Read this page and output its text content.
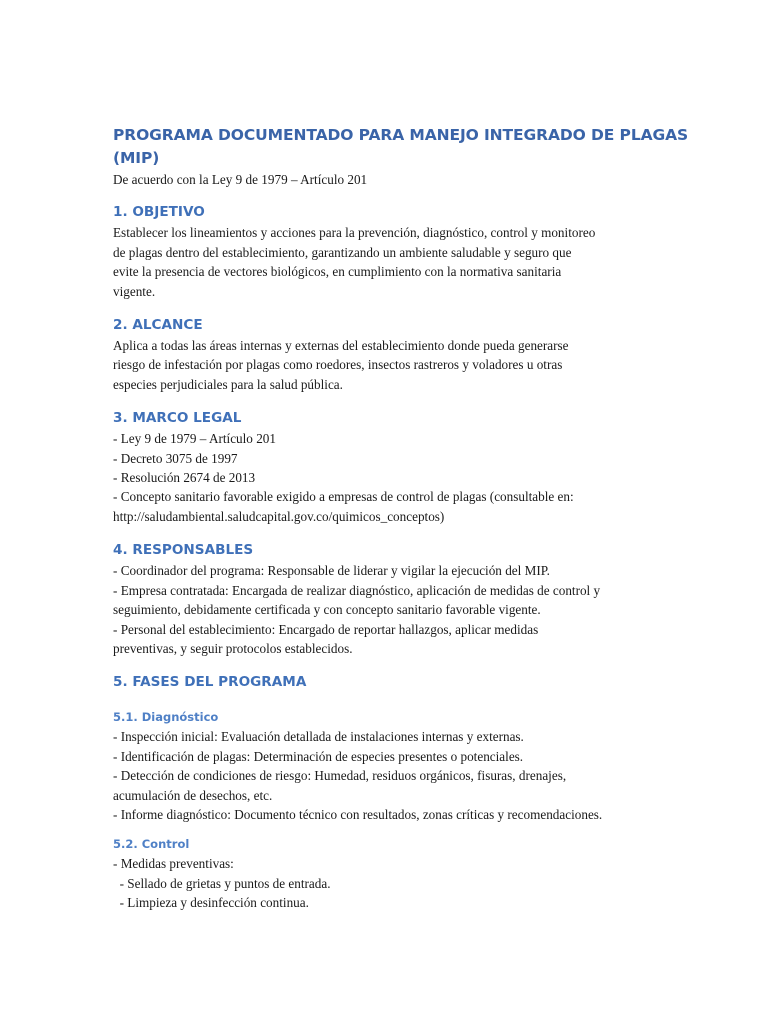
PROGRAMA DOCUMENTADO PARA MANEJO INTEGRADO DE PLAGAS
(MIP)

De acuerdo con la Ley 9 de 1979 – Artículo 201

1. OBJETIVO

Establecer los lineamientos y acciones para la prevención, diagnóstico, control y monitoreo
de plagas dentro del establecimiento, garantizando un ambiente saludable y seguro que
evite la presencia de vectores biológicos, en cumplimiento con la normativa sanitaria
vigente.

2. ALCANCE

Aplica a todas las áreas internas y externas del establecimiento donde pueda generarse
riesgo de infestación por plagas como roedores, insectos rastreros y voladores u otras
especies perjudiciales para la salud pública.

3. MARCO LEGAL

- Ley 9 de 1979 – Artículo 201
- Decreto 3075 de 1997
- Resolución 2674 de 2013
- Concepto sanitario favorable exigido a empresas de control de plagas (consultable en:
http://saludambiental.saludcapital.gov.co/quimicos_conceptos)

4. RESPONSABLES

- Coordinador del programa: Responsable de liderar y vigilar la ejecución del MIP.
- Empresa contratada: Encargada de realizar diagnóstico, aplicación de medidas de control y
seguimiento, debidamente certificada y con concepto sanitario favorable vigente.
- Personal del establecimiento: Encargado de reportar hallazgos, aplicar medidas
preventivas, y seguir protocolos establecidos.

5. FASES DEL PROGRAMA
5.1. Diagnóstico

- Inspección inicial: Evaluación detallada de instalaciones internas y externas.
- Identificación de plagas: Determinación de especies presentes o potenciales.
- Detección de condiciones de riesgo: Humedad, residuos orgánicos, fisuras, drenajes,
acumulación de desechos, etc.
- Informe diagnóstico: Documento técnico con resultados, zonas críticas y recomendaciones.

5.2. Control

- Medidas preventivas:
- Sellado de grietas y puntos de entrada.
- Limpieza y desinfección continua.
